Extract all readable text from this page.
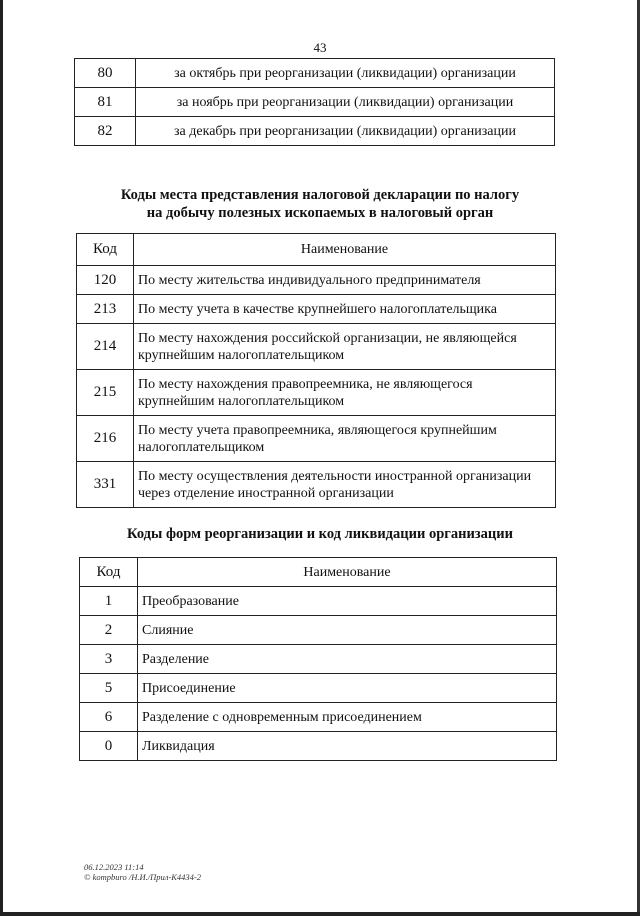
43
80	за октябрь при реорганизации (ликвидации) организации
81	за ноябрь при реорганизации (ликвидации) организации
82	за декабрь при реорганизации (ликвидации) организации
Коды места представления налоговой декларации по налогу
на добычу полезных ископаемых в налоговый орган
Код	Наименование
120	По месту жительства индивидуального предпринимателя
213	По месту учета в качестве крупнейшего налогоплательщика
214	По месту нахождения российской организации, не являющейся крупнейшим налогоплательщиком
215	По месту нахождения правопреемника, не являющегося крупнейшим налогоплательщиком
216	По месту учета правопреемника, являющегося крупнейшим налогоплательщиком
331	По месту осуществления деятельности иностранной организации через отделение иностранной организации
Коды форм реорганизации и код ликвидации организации
Код	Наименование
1	Преобразование
2	Слияние
3	Разделение
5	Присоединение
6	Разделение с одновременным присоединением
0	Ликвидация
06.12.2023 11:14
© kompburo /Н.И./Прил-К4434-2
